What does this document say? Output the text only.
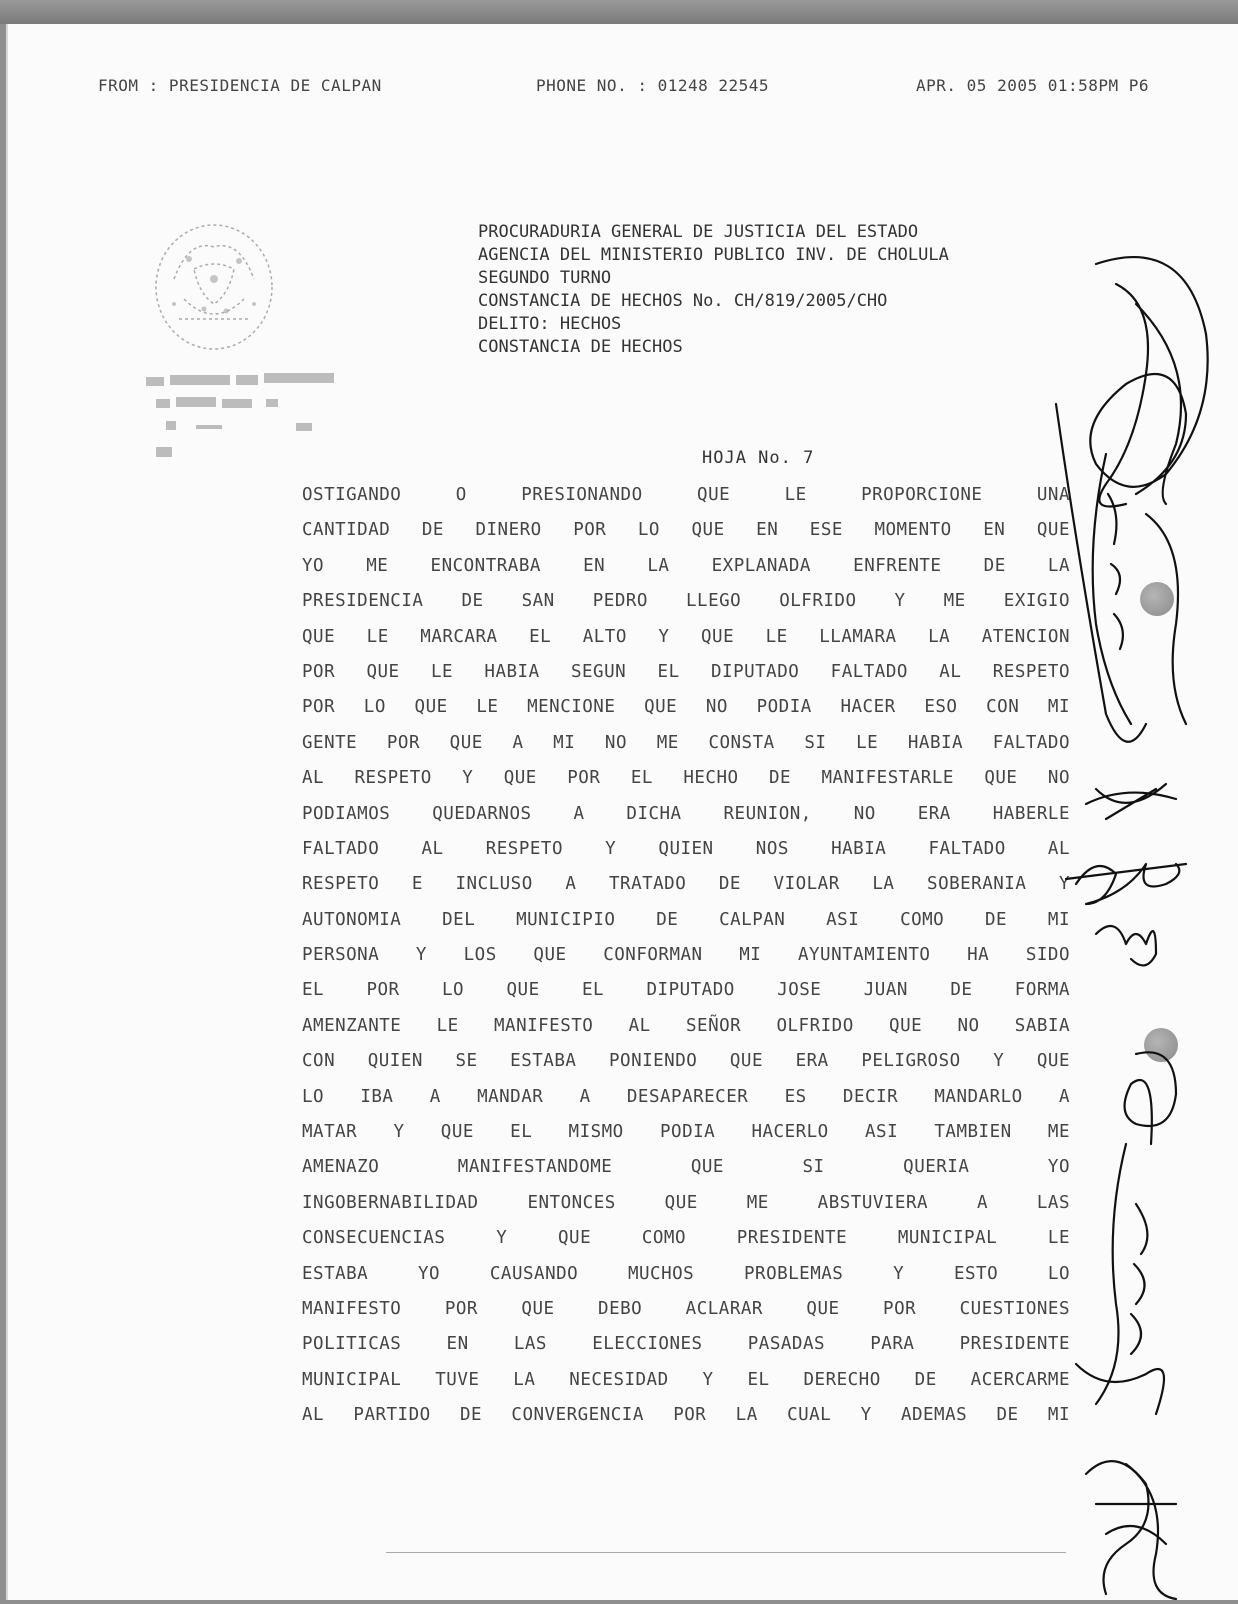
FROM : PRESIDENCIA DE CALPAN	PHONE NO. : 01248 22545	APR. 05 2005 01:58PM P6
PROCURADURIA GENERAL DE JUSTICIA DEL ESTADO
AGENCIA DEL MINISTERIO PUBLICO INV. DE CHOLULA
SEGUNDO TURNO
CONSTANCIA DE HECHOS No. CH/819/2005/CHO
DELITO: HECHOS
CONSTANCIA DE HECHOS
HOJA No. 7
OSTIGANDO O PRESIONANDO QUE LE PROPORCIONE UNA
CANTIDAD DE DINERO POR LO QUE EN ESE MOMENTO EN QUE
YO ME ENCONTRABA EN LA EXPLANADA ENFRENTE DE LA
PRESIDENCIA DE SAN PEDRO LLEGO OLFRIDO Y ME EXIGIO
QUE LE MARCARA EL ALTO Y QUE LE LLAMARA LA ATENCION
POR QUE LE HABIA SEGUN EL DIPUTADO FALTADO AL RESPETO
POR LO QUE LE MENCIONE QUE NO PODIA HACER ESO CON MI
GENTE POR QUE A MI NO ME CONSTA SI LE HABIA FALTADO
AL RESPETO Y QUE POR EL HECHO DE MANIFESTARLE QUE NO
PODIAMOS QUEDARNOS A DICHA REUNION, NO ERA HABERLE
FALTADO AL RESPETO Y QUIEN NOS HABIA FALTADO AL
RESPETO E INCLUSO A TRATADO DE VIOLAR LA SOBERANIA Y
AUTONOMIA DEL MUNICIPIO DE CALPAN ASI COMO DE MI
PERSONA Y LOS QUE CONFORMAN MI AYUNTAMIENTO HA SIDO
EL POR LO QUE EL DIPUTADO JOSE JUAN DE FORMA
AMENZANTE LE MANIFESTO AL SEÑOR OLFRIDO QUE NO SABIA
CON QUIEN SE ESTABA PONIENDO QUE ERA PELIGROSO Y QUE
LO IBA A MANDAR A DESAPARECER ES DECIR MANDARLO A
MATAR Y QUE EL MISMO PODIA HACERLO ASI TAMBIEN ME
AMENAZO MANIFESTANDOME QUE SI QUERIA YO
INGOBERNABILIDAD ENTONCES QUE ME ABSTUVIERA A LAS
CONSECUENCIAS Y QUE COMO PRESIDENTE MUNICIPAL LE
ESTABA YO CAUSANDO MUCHOS PROBLEMAS Y ESTO LO
MANIFESTO POR QUE DEBO ACLARAR QUE POR CUESTIONES
POLITICAS EN LAS ELECCIONES PASADAS PARA PRESIDENTE
MUNICIPAL TUVE LA NECESIDAD Y EL DERECHO DE ACERCARME
AL PARTIDO DE CONVERGENCIA POR LA CUAL Y ADEMAS DE MI
